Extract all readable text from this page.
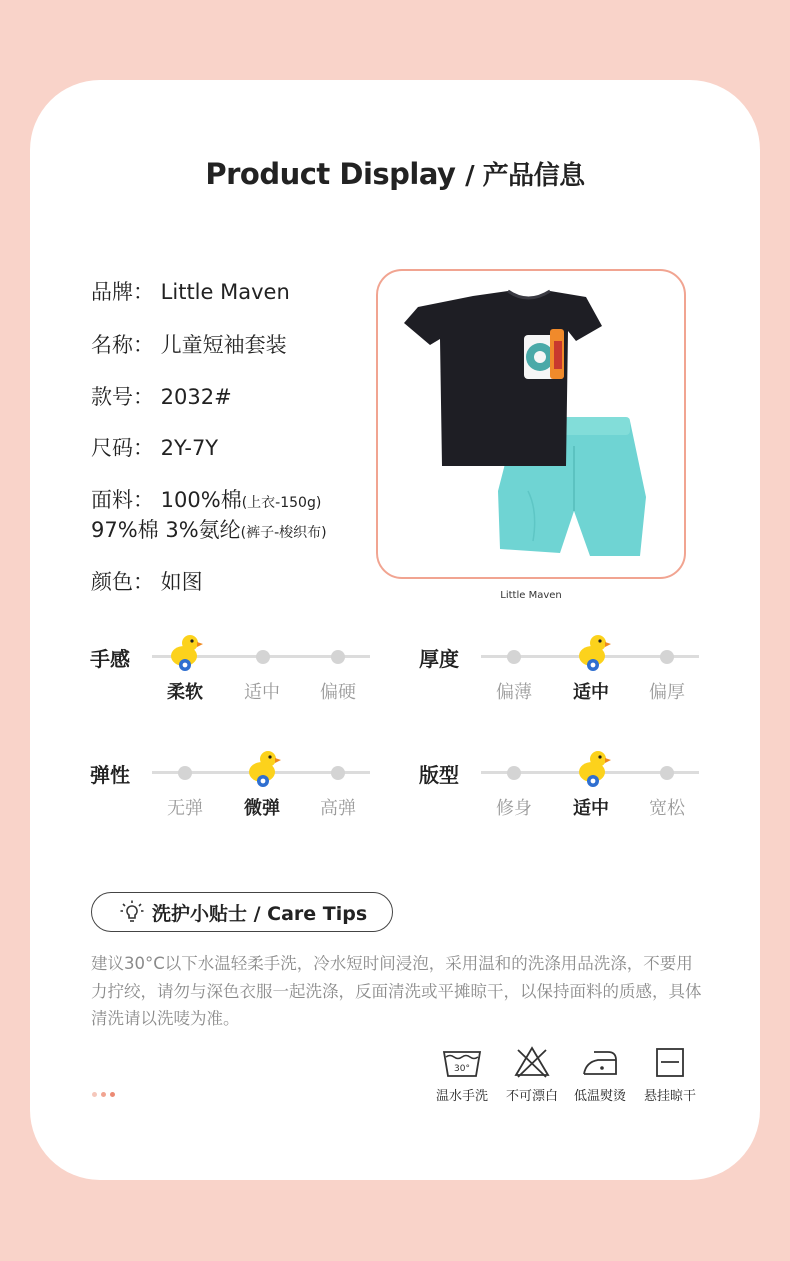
Product Display / 产品信息
品牌： Little Maven
名称： 儿童短袖套装
款号： 2032#
尺码： 2Y-7Y
面料： 100%棉(上衣-150g)
97%棉 3%氨纶(裤子-梭织布)
颜色： 如图
Little Maven
手感
柔软	适中	偏硬
厚度
偏薄	适中	偏厚
弹性
无弹	微弹	高弹
版型
修身	适中	宽松
洗护小贴士 / Care Tips
建议30°C以下水温轻柔手洗，冷水短时间浸泡，采用温和的洗涤用品洗涤，不要用力拧绞，请勿与深色衣服一起洗涤，反面清洗或平摊晾干，以保持面料的质感，具体清洗请以洗唛为准。
30°
温水手洗	不可漂白	低温熨烫	悬挂晾干
